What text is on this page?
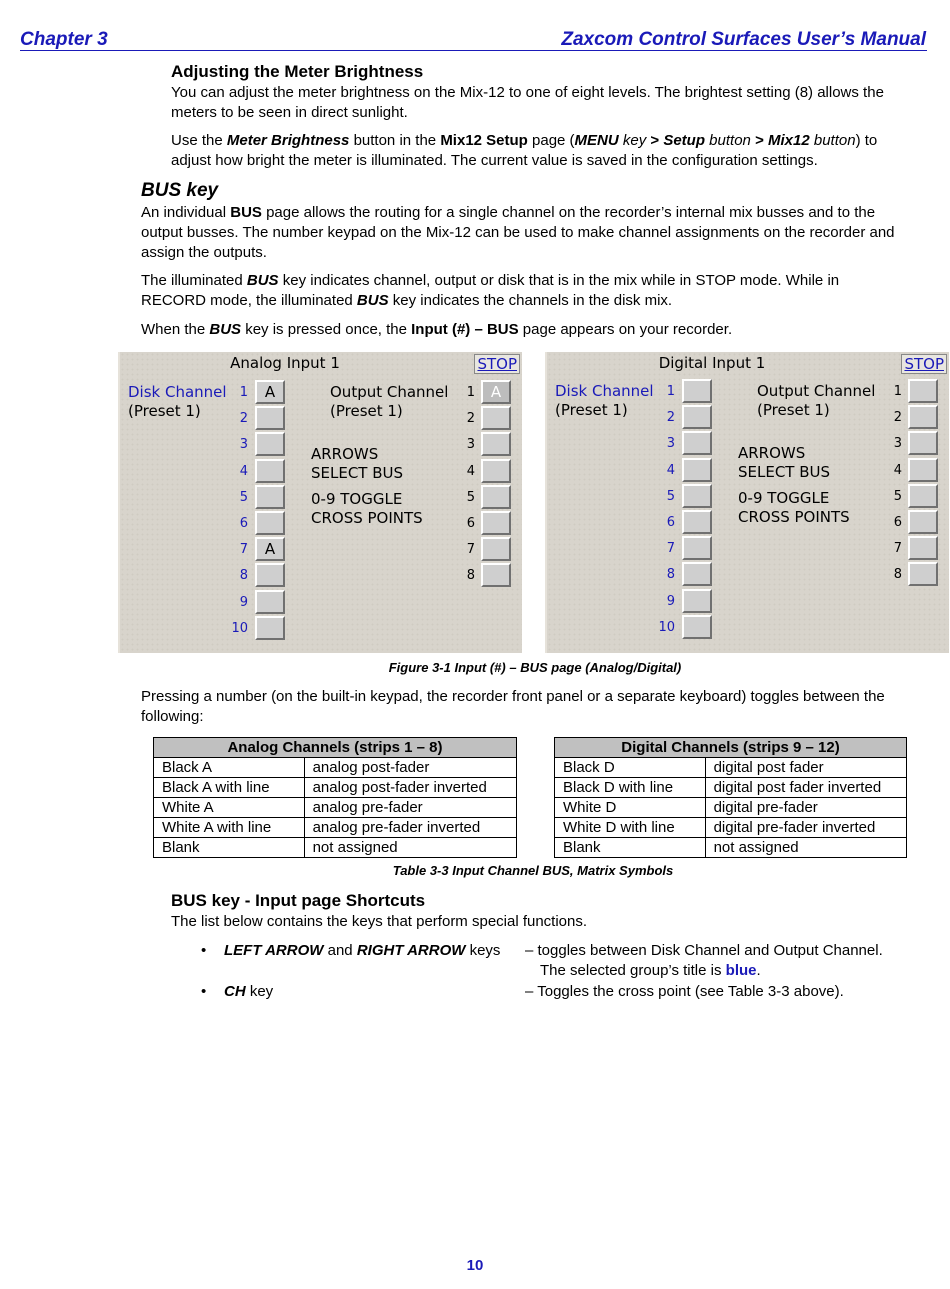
Chapter 3	Zaxcom Control Surfaces User’s Manual
Adjusting the Meter Brightness
You can adjust the meter brightness on the Mix-12 to one of eight levels. The brightest setting (8) allows the
meters to be seen in direct sunlight.
Use the Meter Brightness button in the Mix12 Setup page (MENU key > Setup button > Mix12 button) to
adjust how bright the meter is illuminated. The current value is saved in the configuration settings.
BUS key
An individual BUS page allows the routing for a single channel on the recorder’s internal mix busses and to the
output busses. The number keypad on the Mix-12 can be used to make channel assignments on the recorder and
assign the outputs.
The illuminated BUS key indicates channel, output or disk that is in the mix while in STOP mode. While in
RECORD mode, the illuminated BUS key indicates the channels in the disk mix.
When the BUS key is pressed once, the Input (#) – BUS page appears on your recorder.
Analog Input 1	STOP
Disk Channel
(Preset 1)
Output Channel
(Preset 1)
ARROWS
SELECT BUS
0-9 TOGGLE
CROSS POINTS
1	A
2
3
4
5
6
7	A
8
9
10
1	A
2
3
4
5
6
7
8
Digital Input 1	STOP
Disk Channel
(Preset 1)
Output Channel
(Preset 1)
ARROWS
SELECT BUS
0-9 TOGGLE
CROSS POINTS
1
2
3
4
5
6
7
8
9
10
1
2
3
4
5
6
7
8
Figure 3-1 Input (#) – BUS page (Analog/Digital)
Pressing a number (on the built-in keypad, the recorder front panel or a separate keyboard) toggles between the
following:
Analog Channels (strips 1 – 8)	
Black A	analog post-fader
Black A with line	analog post-fader inverted
White A	analog pre-fader
White A with line	analog pre-fader inverted
Blank	not assigned
Digital Channels (strips 9 – 12)	
Black D	digital post fader
Black D with line	digital post fader inverted
White D	digital pre-fader
White D with line	digital pre-fader inverted
Blank	not assigned
Table 3-3 Input Channel BUS, Matrix Symbols
BUS key - Input page Shortcuts
The list below contains the keys that perform special functions.
• LEFT ARROW and RIGHT ARROW keys – toggles between Disk Channel and Output Channel.
The selected group’s title is blue.
• CH key	– Toggles the cross point (see Table 3-3 above).
10
